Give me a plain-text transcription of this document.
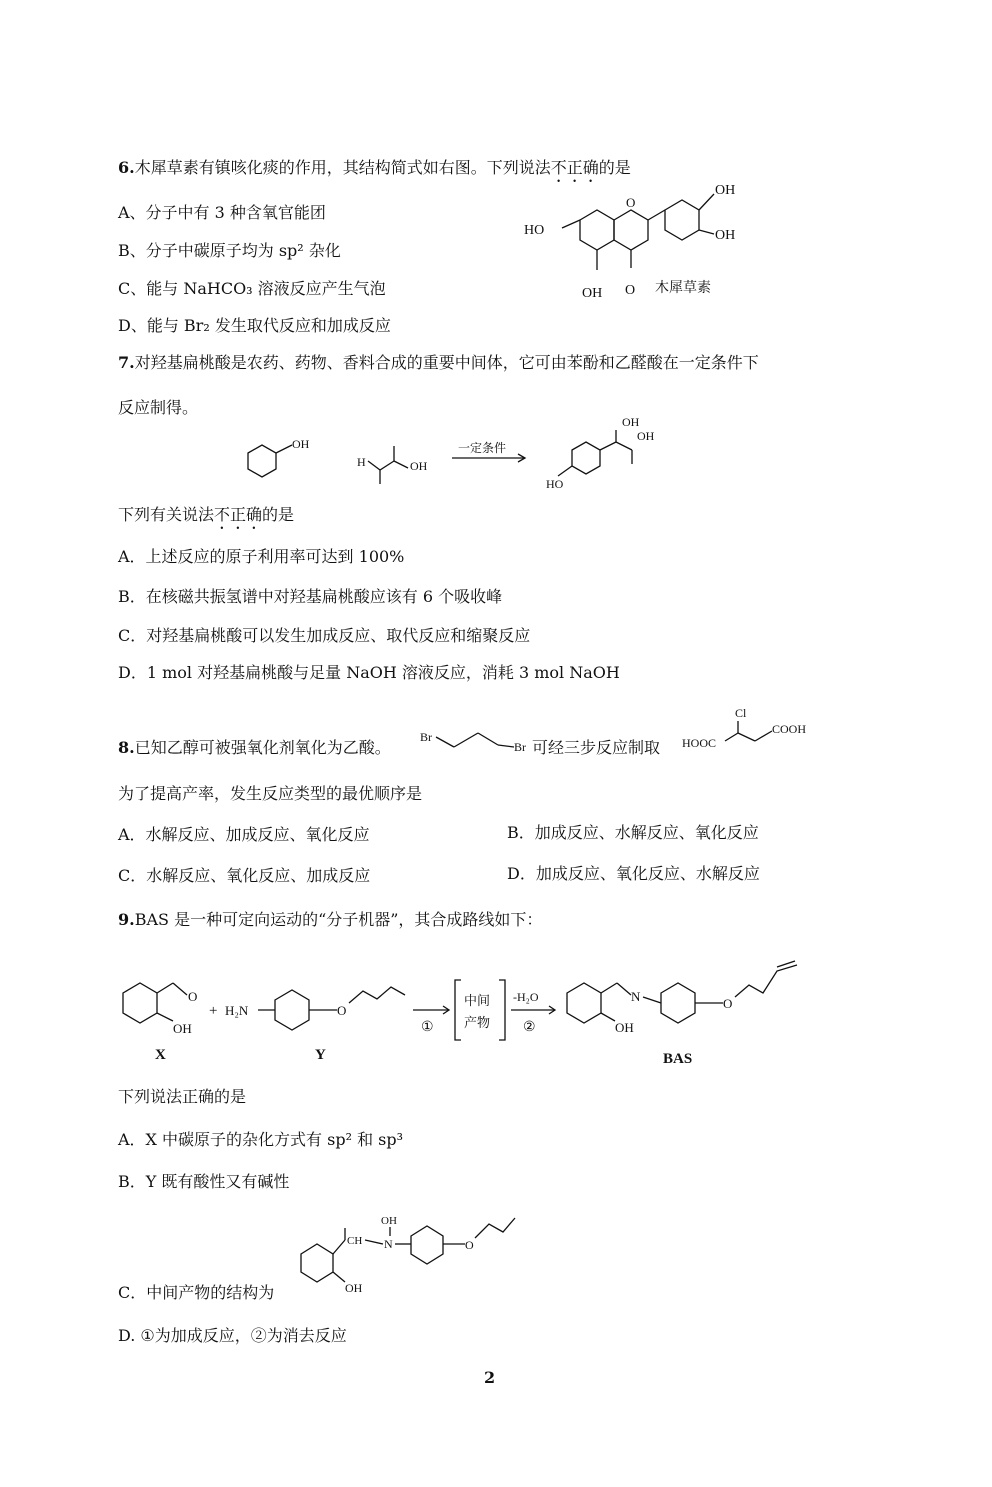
6.木犀草素有镇咳化痰的作用，其结构简式如右图。下列说法不正确的是
A、分子中有 3 种含氧官能团
B、分子中碳原子均为 sp² 杂化
C、能与 NaHCO₃ 溶液反应产生气泡
D、能与 Br₂ 发生取代反应和加成反应
OH
OH
HO
OH O
O
木犀草素
7.对羟基扁桃酸是农药、药物、香料合成的重要中间体，它可由苯酚和乙醛酸在一定条件下
反应制得。
OH
H	OH
一定条件
OH
OH
HO
下列有关说法不正确的是
A．上述反应的原子利用率可达到 100%
B．在核磁共振氢谱中对羟基扁桃酸应该有 6 个吸收峰
C．对羟基扁桃酸可以发生加成反应、取代反应和缩聚反应
D．1 mol 对羟基扁桃酸与足量 NaOH 溶液反应，消耗 3 mol NaOH
8.已知乙醇可被强氧化剂氧化为乙酸。
Br
Br 可经三步反应制取
Cl
HOOC
COOH
为了提高产率，发生反应类型的最优顺序是
A．水解反应、加成反应、氧化反应	B．加成反应、水解反应、氧化反应
C．水解反应、氧化反应、加成反应	D．加成反应、氧化反应、水解反应
9.BAS 是一种可定向运动的“分子机器”，其合成路线如下：
O
OH
X
+ H₂N	O
Y
①
中间
产物
-H₂O
②
N
OH
O
BAS
下列说法正确的是
A．X 中碳原子的杂化方式有 sp² 和 sp³
B．Y 既有酸性又有碱性
C．中间产物的结构为
CH
OH
N	O
OH
D. ①为加成反应，②为消去反应
2
